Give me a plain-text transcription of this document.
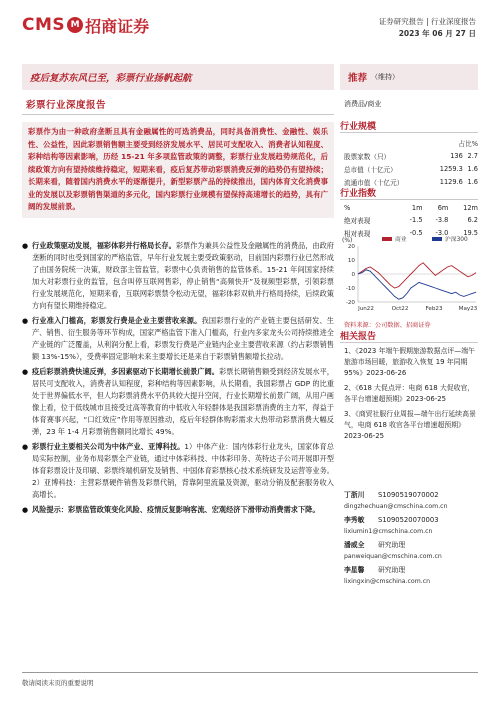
CMS M 招商证券	证券研究报告 | 行业深度报告
2023 年 06 月 27 日
疫后复苏东风已至，彩票行业扬帆起航	推荐 （维持）
彩票行业深度报告	消费品/商业
彩票作为由一种政府垄断且具有金融属性的可选消费品，同时具备消费性、金融性、娱乐性、公益性，因此彩票销售额主要受到经济发展水平、居民可支配收入、消费者认知程度、彩种结构等因素影响，历经 15-21 年多项监管政策的调整，彩票行业发展趋势规范化，后续政策方向有望持续维持稳定，短期来看，疫后复苏带动彩票消费反弹的趋势仍有望持续；长期来看，随着国内消费水平的逐渐提升，新型彩票产品的持续推出，国内体育文化消费事业的发展以及彩票销售渠道的多元化，国内彩票行业规模有望保持高速增长的趋势，具有广阔的发展前景。

● 行业政策驱动发展，福彩体彩并行格局长存。彩票作为兼具公益性及金融属性的消费品，由政府垄断的同时也受到国家的严格监管，早年行业发展主要受政策驱动，目前国内彩票行业已然形成了由国务院统一决策，财政部主管监管，彩票中心负责销售的监管体系。15-21 年间国家持续加大对彩票行业的监管，包含叫停互联网售彩，停止销售“高频快开”及视频型彩票，引领彩票行业发展规范化，短期来看，互联网彩票禁令松动无望，福彩体彩双轨并行格局持续，后续政策方向有望长期维持稳定。

● 行业准入门槛高，彩票发行费是企业主要营收来源。我国彩票行业的产业链主要包括研发、生产、销售、衍生服务等环节构成，国家严格监管下准入门槛高，行业内多家龙头公司持续推进全产业链的广泛覆盖，从利润分配上看，彩票发行费是产业链内企业主要营收来源（约占彩票销售额 13%-15%），受费率固定影响未来主要增长还是来自于彩票销售额增长拉动。

● 疫后彩票消费快速反弹，多因素驱动下长期增长前景广阔。彩票长期销售额受到经济发展水平，居民可支配收入，消费者认知程度，彩种结构等因素影响，从长期看，我国彩票占 GDP 的比重处于世界偏低水平，但人均彩票消费水平仍具较大提升空间，行业长期增长前景广阔，从用户画像上看，位于低线城市且接受过高等教育的中低收入年轻群体是我国彩票消费的主力军，得益于体育赛事兴起，“口红效应”作用等原因推动，疫后年轻群体购彩需求大热带动彩票消费大幅反弹，23 年 1-4 月彩票销售额同比增长 49%。

● 彩票行业主要相关公司为中体产业、亚博科技。1）中体产业：国内体彩行业龙头，国家体育总局实际控制，业务布局彩票全产业链，通过中体彩科技、中体彩印务、英特达子公司开展即开型体育彩票设计及印刷、彩票终端机研发及销售、中国体育彩票核心技术系统研发及运营等业务。2）亚博科技：主营彩票硬件销售及彩票代销，背靠阿里流量及资源，驱动分销及配套服务收入高增长。

● 风险提示：彩票监管政策变化风险、疫情反复影响客流、宏观经济下滑带动消费需求下降。

行业规模
占比%		
股票家数（只）	136	2.7
总市值（十亿元）	1259.3	1.6
流通市值（十亿元）	1129.6	1.6
行业指数
%	1m	6m	12m
绝对表现	-1.5	-3.8	6.2
相对表现	-0.5	-3.0	19.5
(%)
20
10
0
-10
-20
Jun22	Oct22	Feb23	May23
商业	沪深300
资料来源：公司数据、招商证券
相关报告
1、《2023 年端午假期旅游数据点评—端午旅游市场回暖，旅游收入恢复 19 年同期 95%》2023-06-26
2、《618 大促点评：电商 618 大促收官，各平台增速超预期》2023-06-25
3、《商贸社服行业周报—端午出行延续高景气，电商 618 收官各平台增速超预期》2023-06-25
丁浙川	S1090519070002
dingzhechuan@cmschina.com.cn
李秀敏	S1090520070003
lixiumin1@cmschina.com.cn
潘威全	研究助理
panweiquan@cmschina.com.cn
李星馨	研究助理
lixingxin@cmschina.com.cn
敬请阅读末页的重要说明
